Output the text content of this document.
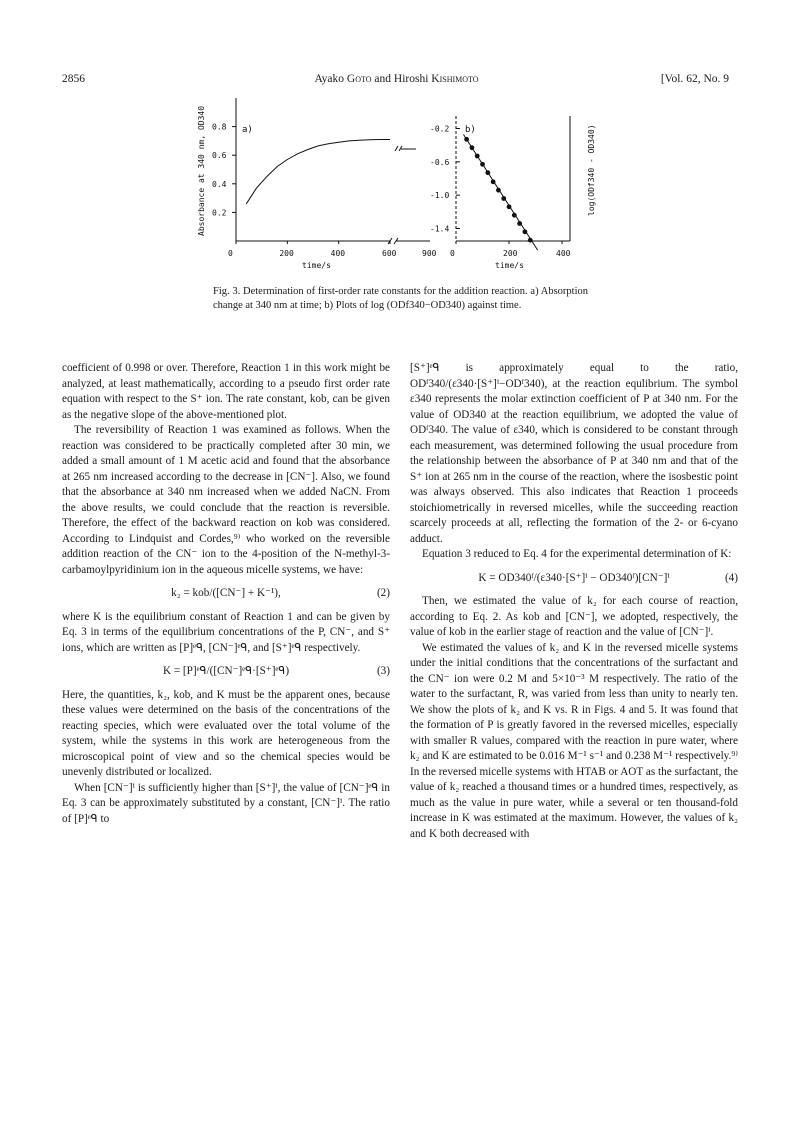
2856	Ayako Goto and Hiroshi Kishimoto	[Vol. 62, No. 9
a)
Absorbance at 340 nm, OD340 0.8
0.6
0.4
0.2
0	200	400	600	900
time/s
b)	log(ODf340 - OD340)
-0.2
-0.6
-1.0
-1.4
0	200	400
time/s
Fig. 3. Determination of first-order rate constants for the addition reaction. a) Absorption change at 340 nm at time; b) Plots of log (ODf340−OD340) against time.

coefficient of 0.998 or over. Therefore, Reaction 1 in this work might be analyzed, at least mathematically, according to a pseudo first order rate equation with respect to the S⁺ ion. The rate constant, kob, can be given as the negative slope of the above-mentioned plot.

The reversibility of Reaction 1 was examined as follows. When the reaction was considered to be practically completed after 30 min, we added a small amount of 1 M acetic acid and found that the absorbance at 265 nm increased according to the decrease in [CN⁻]. Also, we found that the absorbance at 340 nm increased when we added NaCN. From the above results, we could conclude that the reaction is reversible. Therefore, the effect of the backward reaction on kob was considered. According to Lindquist and Cordes,⁹⁾ who worked on the reversible addition reaction of the CN⁻ ion to the 4-position of the N-methyl-3-carbamoylpyridinium ion in the aqueous micelle systems, we have:

k₂ = kob/([CN⁻] + K⁻¹),	(2)

where K is the equilibrium constant of Reaction 1 and can be given by Eq. 3 in terms of the equilibrium concentrations of the P, CN⁻, and S⁺ ions, which are written as [P]ᵉᑫ, [CN⁻]ᵉᑫ, and [S⁺]ᵉᑫ respectively.

K = [P]ᵉᑫ/([CN⁻]ᵉᑫ·[S⁺]ᵉᑫ)	(3)

Here, the quantities, k₂, kob, and K must be the apparent ones, because these values were determined on the basis of the concentrations of the reacting species, which were evaluated over the total volume of the system, while the systems in this work are heterogeneous from the microscopical point of view and so the chemical species would be unevenly distributed or localized.

When [CN⁻]ⁱ is sufficiently higher than [S⁺]ⁱ, the value of [CN⁻]ᵉᑫ in Eq. 3 can be approximately substituted by a constant, [CN⁻]ⁱ. The ratio of [P]ᵉᑫ to

[S⁺]ᵉᑫ is approximately equal to the ratio, ODᶠ340/(ε340·[S⁺]ⁱ−ODᶠ340), at the reaction equlibrium. The symbol ε340 represents the molar extinction coefficient of P at 340 nm. For the value of OD340 at the reaction equilibrium, we adopted the value of ODᶠ340. The value of ε340, which is considered to be constant through each measurement, was determined following the usual procedure from the relationship between the absorbance of P at 340 nm and that of the S⁺ ion at 265 nm in the course of the reaction, where the isosbestic point was always observed. This also indicates that Reaction 1 proceeds stoichiometrically in reversed micelles, while the succeeding reaction scarcely proceeds at all, reflecting the formation of the 2- or 6-cyano adduct.

Equation 3 reduced to Eq. 4 for the experimental determination of K:

K = OD340ᶠ/(ε340·[S⁺]ⁱ − OD340ᶠ)[CN⁻]ⁱ	(4)

Then, we estimated the value of k₂ for each course of reaction, according to Eq. 2. As kob and [CN⁻], we adopted, respectively, the value of kob in the earlier stage of reaction and the value of [CN⁻]ⁱ.

We estimated the values of k₂ and K in the reversed micelle systems under the initial conditions that the concentrations of the surfactant and the CN⁻ ion were 0.2 M and 5×10⁻³ M respectively. The ratio of the water to the surfactant, R, was varied from less than unity to nearly ten. We show the plots of k₂ and K vs. R in Figs. 4 and 5. It was found that the formation of P is greatly favored in the reversed micelles, especially with smaller R values, compared with the reaction in pure water, where k₂ and K are estimated to be 0.016 M⁻¹ s⁻¹ and 0.238 M⁻¹ respectively.⁹⁾ In the reversed micelle systems with HTAB or AOT as the surfactant, the value of k₂ reached a thousand times or a hundred times, respectively, as much as the value in pure water, while a several or ten thousand-fold increase in K was estimated at the maximum. However, the values of k₂ and K both decreased with
